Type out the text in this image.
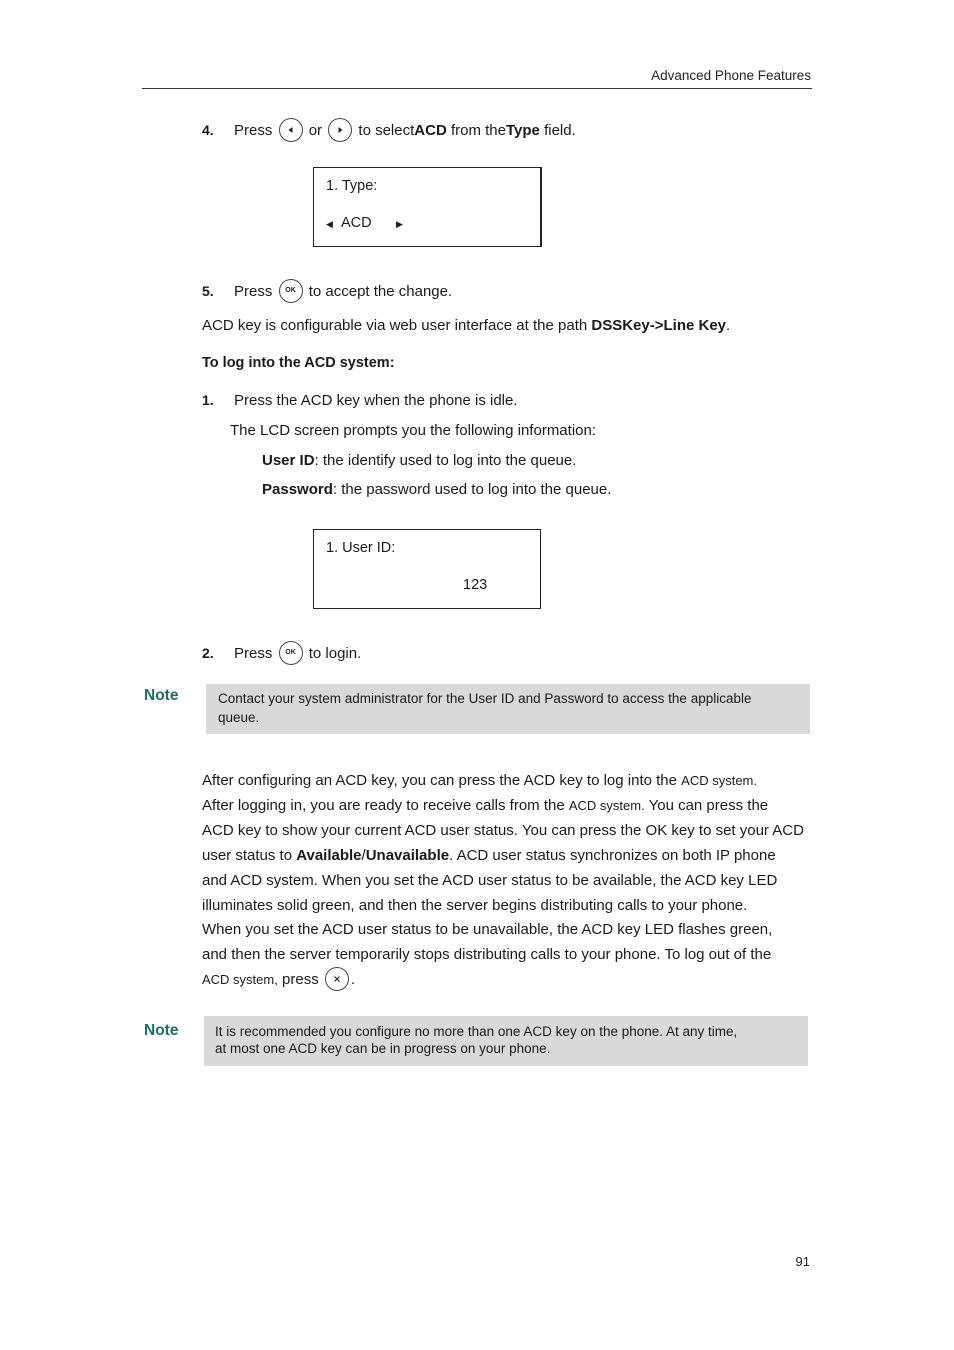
Advanced Phone Features
4. Press or to selectACD from theType field.
1. Type:
◀ ACD	▶
5. Press OK to accept the change.
ACD key is configurable via web user interface at the path DSSKey->Line Key.
To log into the ACD system:
1. Press the ACD key when the phone is idle.
The LCD screen prompts you the following information:
User ID: the identify used to log into the queue.
Password: the password used to log into the queue.
1. User ID:
123
2. Press OK to login.
Note	Contact your system administrator for the User ID and Password to access the applicable
queue.

After configuring an ACD key, you can press the ACD key to log into the ACD system.

After logging in, you are ready to receive calls from the ACD system. You can press the

ACD key to show your current ACD user status. You can press the OK key to set your ACD

user status to Available/Unavailable. ACD user status synchronizes on both IP phone

and ACD system. When you set the ACD user status to be available, the ACD key LED

illuminates solid green, and then the server begins distributing calls to your phone.

When you set the ACD user status to be unavailable, the ACD key LED flashes green,

and then the server temporarily stops distributing calls to your phone. To log out of the

ACD system, press .

Note	It is recommended you configure no more than one ACD key on the phone. At any time,
at most one ACD key can be in progress on your phone.
91
